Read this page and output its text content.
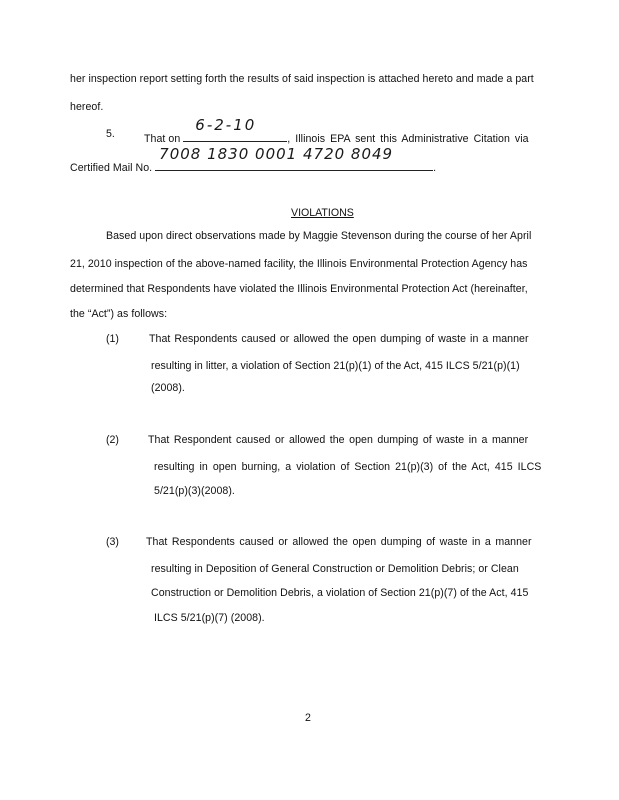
her inspection report setting forth the results of said inspection is attached hereto and made a part
hereof.
5.	That on
6-2-10
, Illinois EPA sent this Administrative Citation via
Certified Mail No.
7008 1830 0001 4720 8049
.
VIOLATIONS
Based upon direct observations made by Maggie Stevenson during the course of her April
21, 2010 inspection of the above-named facility, the Illinois Environmental Protection Agency has
determined that Respondents have violated the Illinois Environmental Protection Act (hereinafter,
the “Act”) as follows:
(1)	That Respondents caused or allowed the open dumping of waste in a manner
resulting in litter, a violation of Section 21(p)(1) of the Act, 415 ILCS 5/21(p)(1)
(2008).
(2)	That Respondent caused or allowed the open dumping of waste in a manner
resulting in open burning, a violation of Section 21(p)(3) of the Act, 415 ILCS
5/21(p)(3)(2008).
(3)	That Respondents caused or allowed the open dumping of waste in a manner
resulting in Deposition of General Construction or Demolition Debris; or Clean
Construction or Demolition Debris, a violation of Section 21(p)(7) of the Act, 415
ILCS 5/21(p)(7) (2008).
2
